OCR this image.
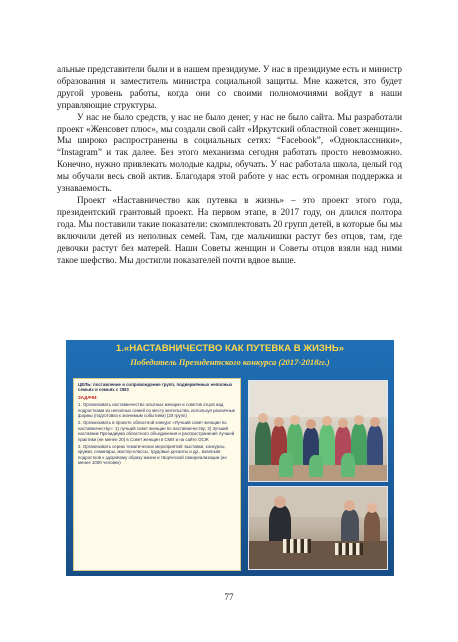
альные представители были и в нашем президиуме. У нас в президиуме есть и министр образования и заместитель министра социальной защиты. Мне кажется, это будет другой уровень работы, когда они со своими полномочиями войдут в наши управляющие структуры.

У нас не было средств, у нас не было денег, у нас не было сайта. Мы разработали проект «Женсовет плюс», мы создали свой сайт «Иркутский областной совет женщин». Мы широко распространены в социальных сетях: “Facebook”, «Одноклассники», “Instagram” и так далее. Без этого механизма сегодня работать просто невозможно. Конечно, нужно привлекать молодые кадры, обучать. У нас работала школа, целый год мы обучали весь свой актив. Благодаря этой работе у нас есть огромная поддержка и узнаваемость.

Проект «Наставничество как путевка в жизнь» – это проект этого года, президентский грантовый проект. На первом этапе, в 2017 году, он длился полтора года. Мы поставили такие показатели: скомплектовать 20 групп детей, в которые бы мы включили детей из неполных семей. Там, где мальчишки растут без отцов, там, где девочки растут без матерей. Наши Советы женщин и Советы отцов взяли над ними такое шефство. Мы достигли показателей почти вдвое выше.

1.«НАСТАВНИЧЕСТВО КАК ПУТЕВКА В ЖИЗНЬ»
Победитель Президентского конкурса (2017-2018гг.)

ЦЕЛЬ: поставление и сопровождение групп, подвержённых неполных семьях и семьях с ОВЗ

ЗАДАЧИ:

1. Организовать наставничество опытных женщин и советов отцов над подростками из неполных семей по месту жительства, используя различные формы (подготовка к значимым событиям) (20 групп)

2. Организовать в проекте областной конкурс «Лучший совет женщин по наставничеству»: 1) лучший совет женщин по наставничеству; 2) лучший наставник Президиума областного объединения и распространения лучшей практики (не менее 20) в Совет женщин в СМИ и на сайте ОСЖ

3. Организовать серию тематических мероприятий: выставки, конкурсы, кружки, семинары, мастер-классы, трудовые десанты и др., вовлекая подростков к здоровому образу жизни и творческой самореализации (не менее 1000 человек)

77
